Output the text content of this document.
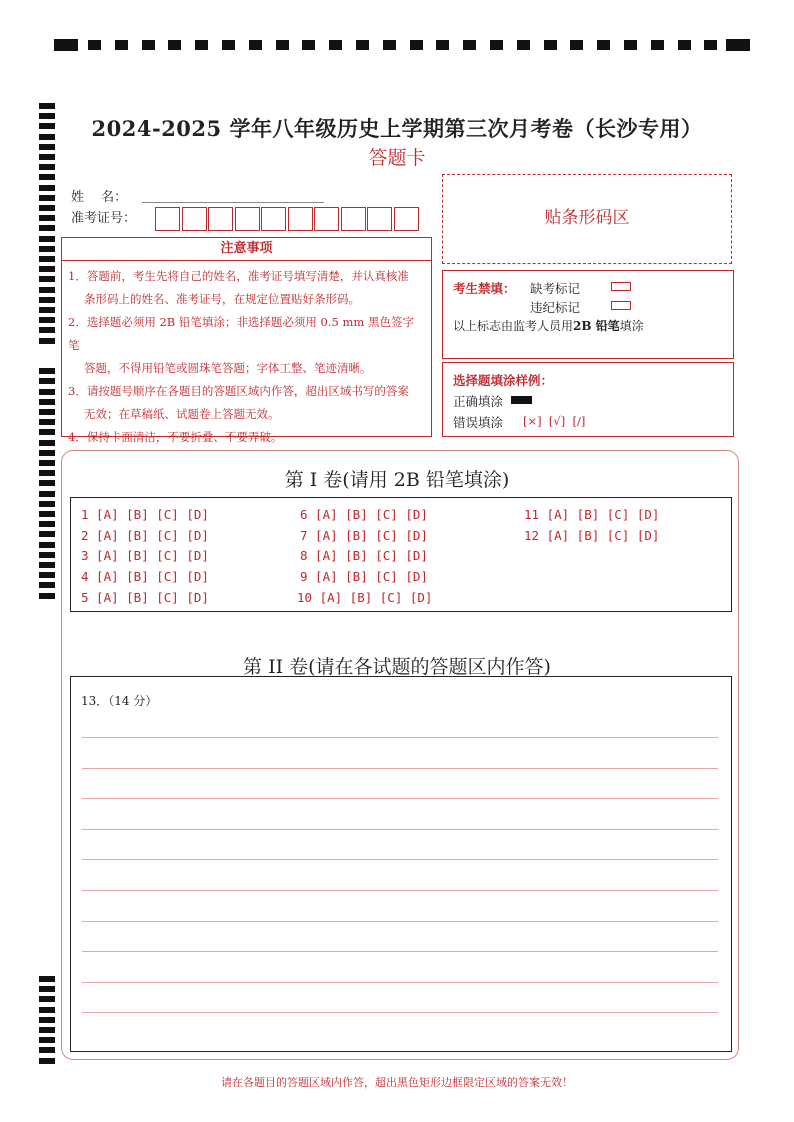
2024-2025 学年八年级历史上学期第三次月考卷（长沙专用）
答题卡
姓　 名：
准考证号：
注意事项
1．答题前，考生先将自己的姓名，准考证号填写清楚，并认真核准
条形码上的姓名、准考证号，在规定位置贴好条形码。
2．选择题必须用 2B 铅笔填涂；非选择题必须用 0.5 mm 黑色签字笔
答题，不得用铅笔或圆珠笔答题；字体工整、笔迹清晰。
3．请按题号顺序在各题目的答题区域内作答，超出区域书写的答案
无效；在草稿纸、试题卷上答题无效。
4．保持卡面清洁，不要折叠、不要弄破。
贴条形码区
考生禁填： 缺考标记
违纪标记
以上标志由监考人员用2B 铅笔填涂
选择题填涂样例：
正确填涂
错误填涂 [×]  [√]  [/]
第 I 卷(请用 2B 铅笔填涂)
1 [A] [B] [C] [D]
2 [A] [B] [C] [D]
3 [A] [B] [C] [D]
4 [A] [B] [C] [D]
5 [A] [B] [C] [D]
6 [A] [B] [C] [D]
7 [A] [B] [C] [D]
8 [A] [B] [C] [D]
9 [A] [B] [C] [D]
10 [A] [B] [C] [D]
11 [A] [B] [C] [D]
12 [A] [B] [C] [D]
第 II 卷(请在各试题的答题区内作答)
13．（14 分）
请在各题目的答题区域内作答，超出黑色矩形边框限定区域的答案无效！
